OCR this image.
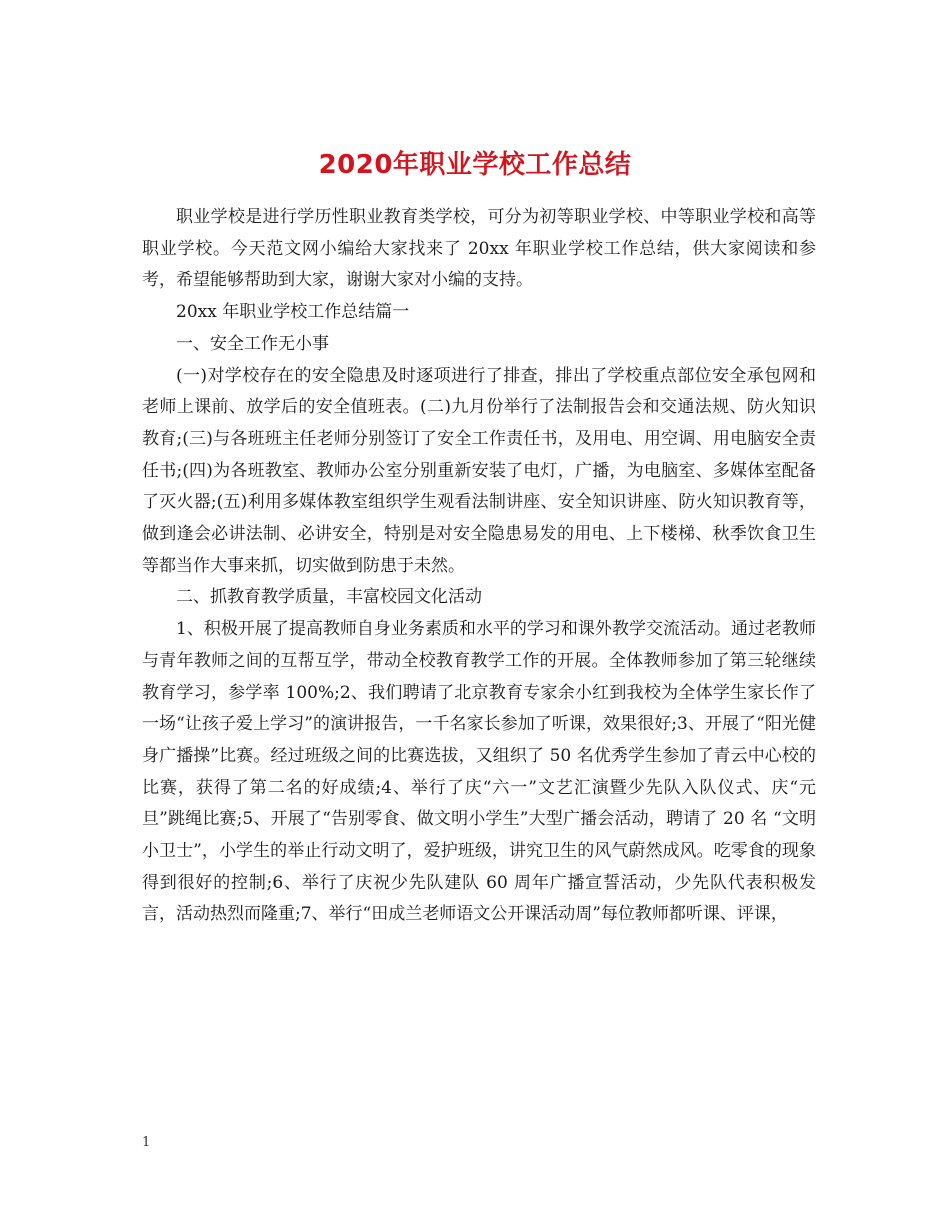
2020年职业学校工作总结

职业学校是进行学历性职业教育类学校，可分为初等职业学校、中等职业学校和高等职业学校。今天范文网小编给大家找来了 20xx 年职业学校工作总结，供大家阅读和参考，希望能够帮助到大家，谢谢大家对小编的支持。

20xx 年职业学校工作总结篇一

一、安全工作无小事

(一)对学校存在的安全隐患及时逐项进行了排查，排出了学校重点部位安全承包网和老师上课前、放学后的安全值班表。(二)九月份举行了法制报告会和交通法规、防火知识教育;(三)与各班班主任老师分别签订了安全工作责任书，及用电、用空调、用电脑安全责任书;(四)为各班教室、教师办公室分别重新安装了电灯，广播，为电脑室、多媒体室配备了灭火器;(五)利用多媒体教室组织学生观看法制讲座、安全知识讲座、防火知识教育等，做到逢会必讲法制、必讲安全，特别是对安全隐患易发的用电、上下楼梯、秋季饮食卫生等都当作大事来抓，切实做到防患于未然。

二、抓教育教学质量，丰富校园文化活动

1、积极开展了提高教师自身业务素质和水平的学习和课外教学交流活动。通过老教师与青年教师之间的互帮互学，带动全校教育教学工作的开展。全体教师参加了第三轮继续教育学习，参学率 100%;2、我们聘请了北京教育专家余小红到我校为全体学生家长作了一场“让孩子爱上学习”的演讲报告，一千名家长参加了听课，效果很好;3、开展了“阳光健身广播操”比赛。经过班级之间的比赛选拔，又组织了 50 名优秀学生参加了青云中心校的比赛，获得了第二名的好成绩;4、举行了庆“六一”文艺汇演暨少先队入队仪式、庆“元旦”跳绳比赛;5、开展了“告别零食、做文明小学生”大型广播会活动，聘请了 20 名 “文明小卫士”，小学生的举止行动文明了，爱护班级，讲究卫生的风气蔚然成风。吃零食的现象得到很好的控制;6、举行了庆祝少先队建队 60 周年广播宣誓活动，少先队代表积极发言，活动热烈而隆重;7、举行“田成兰老师语文公开课活动周”每位教师都听课、评课，

1
